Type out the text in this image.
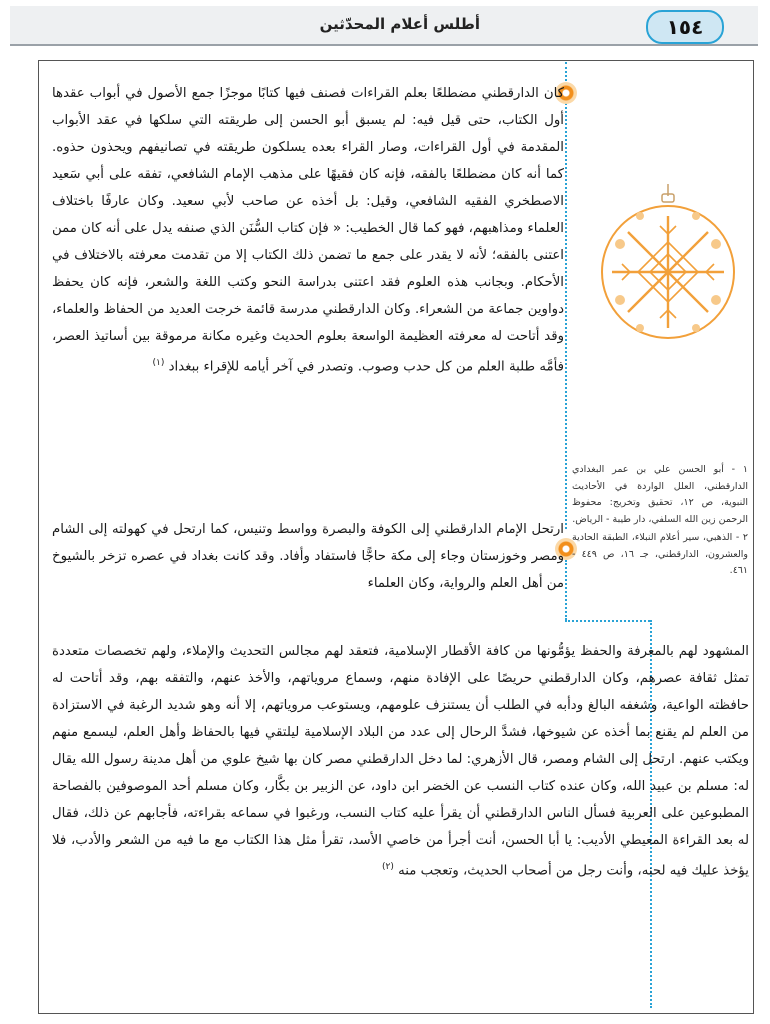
أطلس أعلام المحدّثين	١٥٤
كان الدارقطني مضطلعًا بعلم القراءات فصنف فيها كتابًا موجزًا جمع الأصول في أبواب عقدها أول الكتاب، حتى قيل فيه: لم يسبق أبو الحسن إلى طريقته التي سلكها في عقد الأبواب المقدمة في أول القراءات، وصار القراء بعده يسلكون طريقته في تصانيفهم ويحذون حذوه. كما أنه كان مضطلعًا بالفقه، فإنه كان فقيهًا على مذهب الإمام الشافعي، تفقه على أبي سَعيد الاصطخري الفقيه الشافعي، وقيل: بل أخذه عن صاحب لأبي سعيد. وكان عارفًا باختلاف العلماء ومذاهبهم، فهو كما قال الخطيب: « فإن كتاب السُّنَن الذي صنفه يدل على أنه كان ممن اعتنى بالفقه؛ لأنه لا يقدر على جمع ما تضمن ذلك الكتاب إلا من تقدمت معرفته بالاختلاف في الأحكام. وبجانب هذه العلوم فقد اعتنى بدراسة النحو وكتب اللغة والشعر، فإنه كان يحفظ دواوين جماعة من الشعراء. وكان الدارقطني مدرسة قائمة خرجت العديد من الحفاظ والعلماء، وقد أتاحت له معرفته العظيمة الواسعة بعلوم الحديث وغيره مكانة مرموقة بين أساتيذ العصر، فأمَّه طلبة العلم من كل حدب وصوب. وتصدر في آخر أيامه للإقراء ببغداد $^{(١)}$
ارتحل الإمام الدارقطني إلى الكوفة والبصرة وواسط وتنيس، كما ارتحل في كهولته إلى الشام ومصر وخوزستان وجاء إلى مكة حاجًّا فاستفاد وأفاد. وقد كانت بغداد في عصره تزخر بالشيوخ من أهل العلم والرواية، وكان العلماء
المشهود لهم بالمعرفة والحفظ يؤمُّونها من كافة الأقطار الإسلامية، فتعقد لهم مجالس التحديث والإملاء، ولهم تخصصات متعددة تمثل ثقافة عصرهم، وكان الدارقطني حريصًا على الإفادة منهم، وسماع مروياتهم، والأخذ عنهم، والتفقه بهم، وقد أتاحت له حافظته الواعية، وشغفه البالغ ودأبه في الطلب أن يستنزف علومهم، ويستوعب مروياتهم، إلا أنه وهو شديد الرغبة في الاستزادة من العلم لم يقنع بما أخذه عن شيوخها، فشدَّ الرحال إلى عدد من البلاد الإسلامية ليلتقي فيها بالحفاظ وأهل العلم، ليسمع منهم ويكتب عنهم. ارتحل إلى الشام ومصر، قال الأزهري: لما دخل الدارقطني مصر كان بها شيخ علوي من أهل مدينة رسول الله يقال له: مسلم بن عبيد الله، وكان عنده كتاب النسب عن الخضر ابن داود، عن الزبير بن بكَّار، وكان مسلم أحد الموصوفين بالفصاحة المطبوعين على العربية فسأل الناس الدارقطني أن يقرأ عليه كتاب النسب، ورغبوا في سماعه بقراءته، فأجابهم عن ذلك، فقال له بعد القراءة المعيطي الأديب: يا أبا الحسن، أنت أجرأ من خاصي الأسد، تقرأ مثل هذا الكتاب مع ما فيه من الشعر والأدب، فلا يؤخذ عليك فيه لحنه، وأنت رجل من أصحاب الحديث، وتعجب منه $^{(٢)}$
١ - أبو الحسن علي بن عمر البغدادي الدارقطني، العلل الواردة في الأحاديث النبوية، ص ١٢، تحقيق وتخريج: محفوظ الرحمن زين الله السلفي، دار طيبة - الرياض.
٢ - الذهبي، سير أعلام النبلاء، الطبقة الحادية والعشرون، الدارقطني، جـ ١٦، ص ٤٤٩ - ٤٦١.
